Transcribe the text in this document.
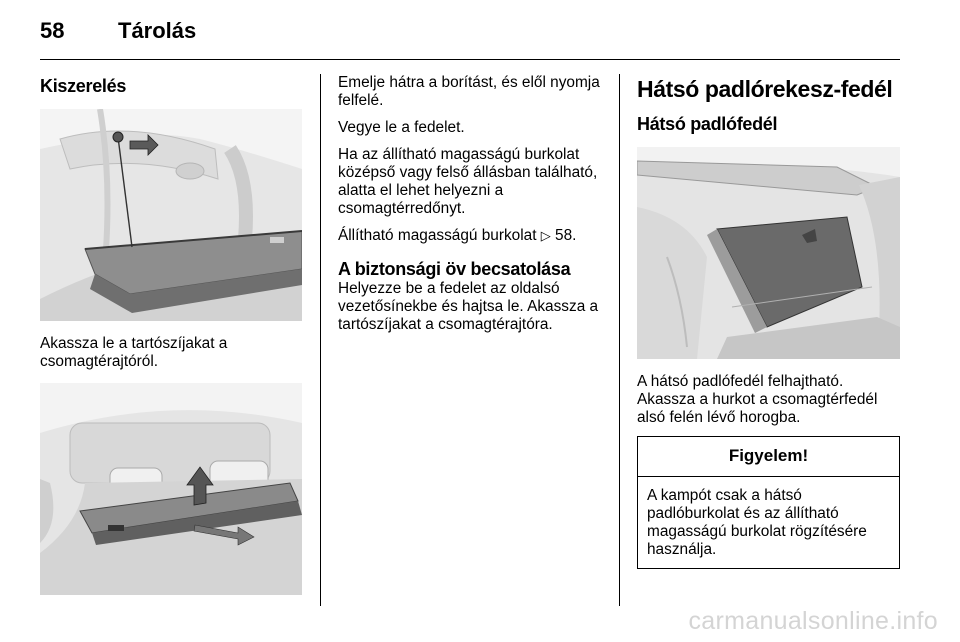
58 Tárolás
Kiszerelés

Akassza le a tartószíjakat a csomagtérajtóról.

Emelje hátra a borítást, és elől nyomja felfelé.

Vegye le a fedelet.

Ha az állítható magasságú burkolat középső vagy felső állásban található, alatta el lehet helyezni a csomagtérredőnyt.

Állítható magasságú burkolat ▷ 58.

A biztonsági öv becsatolása

Helyezze be a fedelet az oldalsó vezetősínekbe és hajtsa le. Akassza a tartószíjakat a csomagtérajtóra.

Hátsó padlórekesz-fedél
Hátsó padlófedél

A hátsó padlófedél felhajtható. Akassza a hurkot a csomagtérfedél alsó felén lévő horogba.

Figyelem!

A kampót csak a hátsó padlóburkolat és az állítható magasságú burkolat rögzítésére használja.

carmanualsonline.info
